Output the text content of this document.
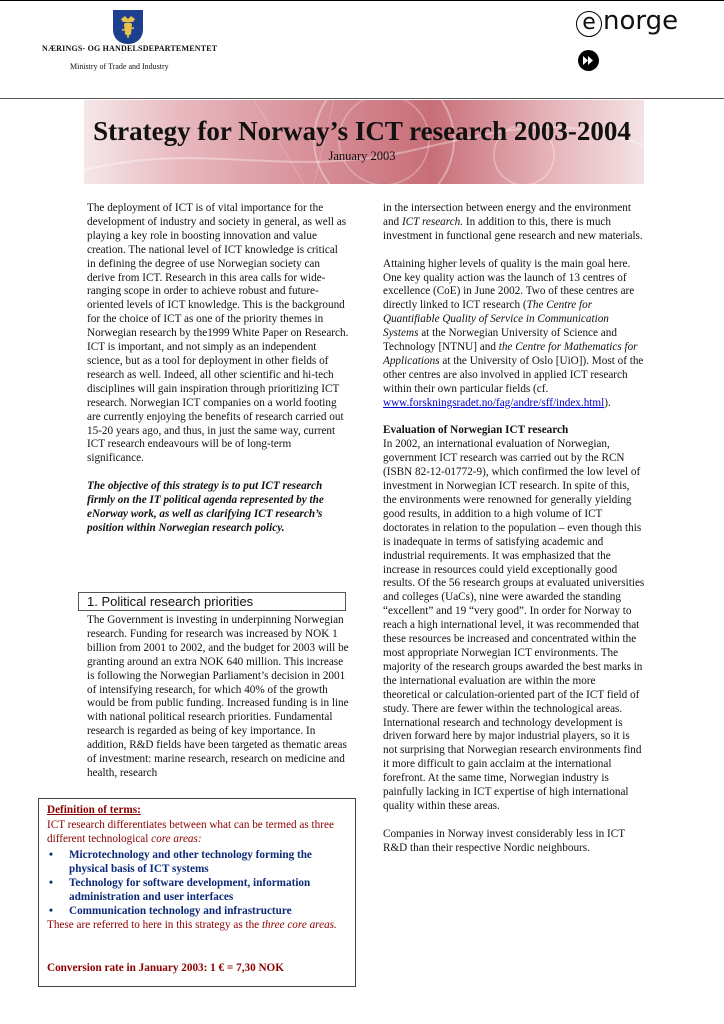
NÆRINGS- OG HANDELSDEPARTEMENTET
Ministry of Trade and Industry
e norge
Strategy for Norway’s ICT research 2003-2004
January 2003

The deployment of ICT is of vital importance for the development of industry and society in general, as well as playing a key role in boosting innovation and value creation. The national level of ICT knowledge is critical in defining the degree of use Norwegian society can derive from ICT. Research in this area calls for wide-ranging scope in order to achieve robust and future-oriented levels of ICT knowledge. This is the background for the choice of ICT as one of the priority themes in Norwegian research by the1999 White Paper on Research. ICT is important, and not simply as an independent science, but as a tool for deployment in other fields of research as well. Indeed, all other scientific and hi-tech disciplines will gain inspiration through prioritizing ICT research. Norwegian ICT companies on a world footing are currently enjoying the benefits of research carried out 15-20 years ago, and thus, in just the same way, current ICT research endeavours will be of long-term significance.

The objective of this strategy is to put ICT research firmly on the IT political agenda represented by the eNorway work, as well as clarifying ICT research’s position within Norwegian research policy.

1. Political research priorities

The Government is investing in underpinning Norwegian research. Funding for research was increased by NOK 1 billion from 2001 to 2002, and the budget for 2003 will be granting around an extra NOK 640 million. This increase is following the Norwegian Parliament’s decision in 2001 of intensifying research, for which 40% of the growth would be from public funding. Increased funding is in line with national political research priorities. Fundamental research is regarded as being of key importance. In addition, R&D fields have been targeted as thematic areas of investment: marine research, research on medicine and health, research

in the intersection between energy and the environment and ICT research. In addition to this, there is much investment in functional gene research and new materials.

Attaining higher levels of quality is the main goal here. One key quality action was the launch of 13 centres of excellence (CoE) in June 2002. Two of these centres are directly linked to ICT research (The Centre for Quantifiable Quality of Service in Communication Systems at the Norwegian University of Science and Technology [NTNU] and the Centre for Mathematics for Applications at the University of Oslo [UiO]). Most of the other centres are also involved in applied ICT research within their own particular fields (cf. www.forskningsradet.no/fag/andre/sff/index.html).

Evaluation of Norwegian ICT research

In 2002, an international evaluation of Norwegian, government ICT research was carried out by the RCN (ISBN 82-12-01772-9), which confirmed the low level of investment in Norwegian ICT research. In spite of this, the environments were renowned for generally yielding good results, in addition to a high volume of ICT doctorates in relation to the population – even though this is inadequate in terms of satisfying academic and industrial requirements. It was emphasized that the increase in resources could yield exceptionally good results. Of the 56 research groups at evaluated universities and colleges (UaCs), nine were awarded the standing “excellent” and 19 “very good”. In order for Norway to reach a high international level, it was recommended that these resources be increased and concentrated within the most appropriate Norwegian ICT environments. The majority of the research groups awarded the best marks in the international evaluation are within the more theoretical or calculation-oriented part of the ICT field of study. There are fewer within the technological areas. International research and technology development is driven forward here by major industrial players, so it is not surprising that Norwegian research environments find it more difficult to gain acclaim at the international forefront. At the same time, Norwegian industry is painfully lacking in ICT expertise of high international quality within these areas.

Companies in Norway invest considerably less in ICT R&D than their respective Nordic neighbours.

Definition of terms:
ICT research differentiates between what can be termed as three different technological core areas:
• Microtechnology and other technology forming the physical basis of ICT systems
• Technology for software development, information administration and user interfaces
• Communication technology and infrastructure
These are referred to here in this strategy as the three core areas.
Conversion rate in January 2003: 1 € = 7,30 NOK
